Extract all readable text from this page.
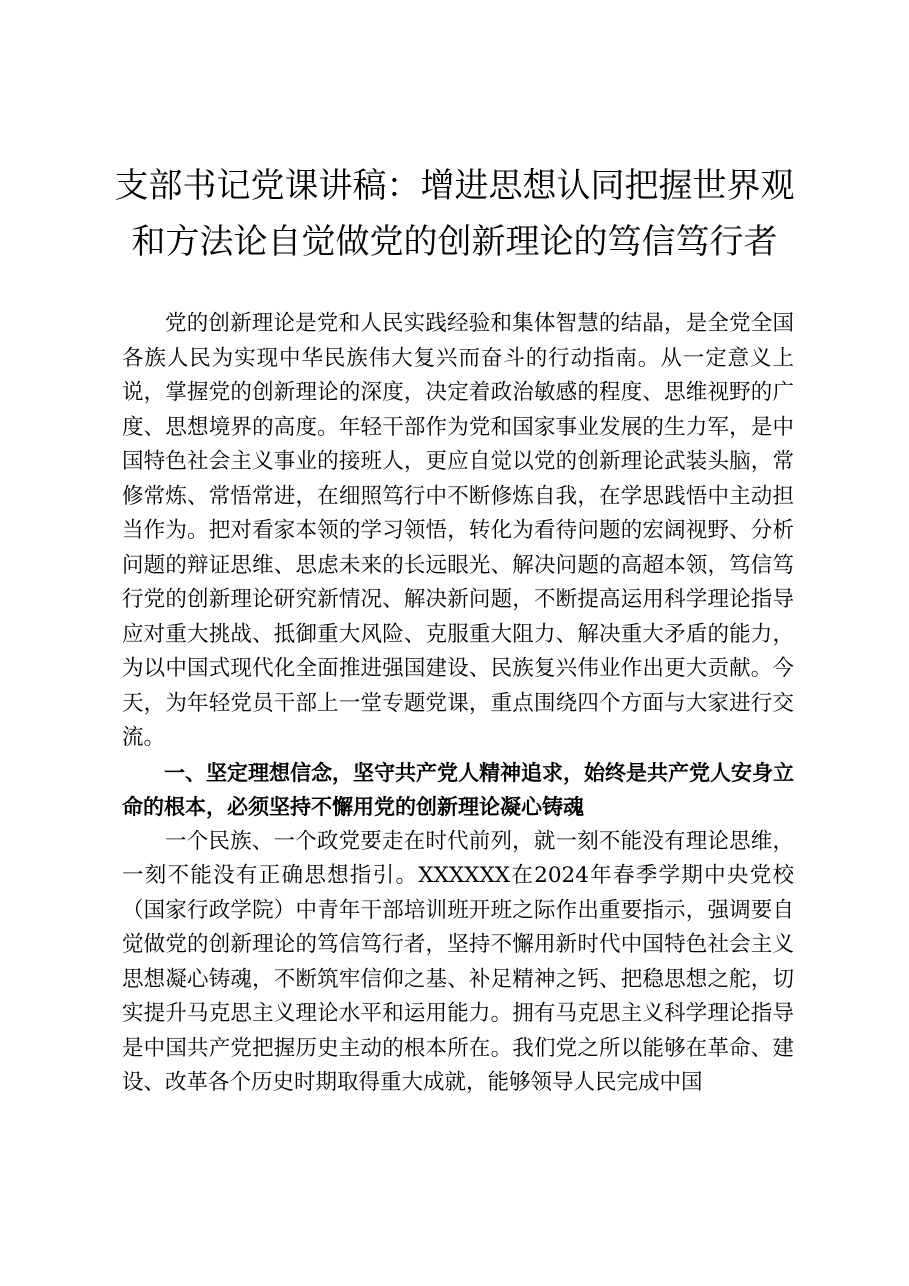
支部书记党课讲稿：增进思想认同把握世界观
和方法论自觉做党的创新理论的笃信笃行者

党的创新理论是党和人民实践经验和集体智慧的结晶，是全党全国各族人民为实现中华民族伟大复兴而奋斗的行动指南。从一定意义上说，掌握党的创新理论的深度，决定着政治敏感的程度、思维视野的广度、思想境界的高度。年轻干部作为党和国家事业发展的生力军，是中国特色社会主义事业的接班人，更应自觉以党的创新理论武装头脑，常修常炼、常悟常进，在细照笃行中不断修炼自我，在学思践悟中主动担当作为。把对看家本领的学习领悟，转化为看待问题的宏阔视野、分析问题的辩证思维、思虑未来的长远眼光、解决问题的高超本领，笃信笃行党的创新理论研究新情况、解决新问题，不断提高运用科学理论指导应对重大挑战、抵御重大风险、克服重大阻力、解决重大矛盾的能力，为以中国式现代化全面推进强国建设、民族复兴伟业作出更大贡献。今天，为年轻党员干部上一堂专题党课，重点围绕四个方面与大家进行交流。

一、坚定理想信念，坚守共产党人精神追求，始终是共产党人安身立命的根本，必须坚持不懈用党的创新理论凝心铸魂

一个民族、一个政党要走在时代前列，就一刻不能没有理论思维，一刻不能没有正确思想指引。XXXXXX在2024年春季学期中央党校（国家行政学院）中青年干部培训班开班之际作出重要指示，强调要自觉做党的创新理论的笃信笃行者，坚持不懈用新时代中国特色社会主义思想凝心铸魂，不断筑牢信仰之基、补足精神之钙、把稳思想之舵，切实提升马克思主义理论水平和运用能力。拥有马克思主义科学理论指导是中国共产党把握历史主动的根本所在。我们党之所以能够在革命、建设、改革各个历史时期取得重大成就，能够领导人民完成中国
